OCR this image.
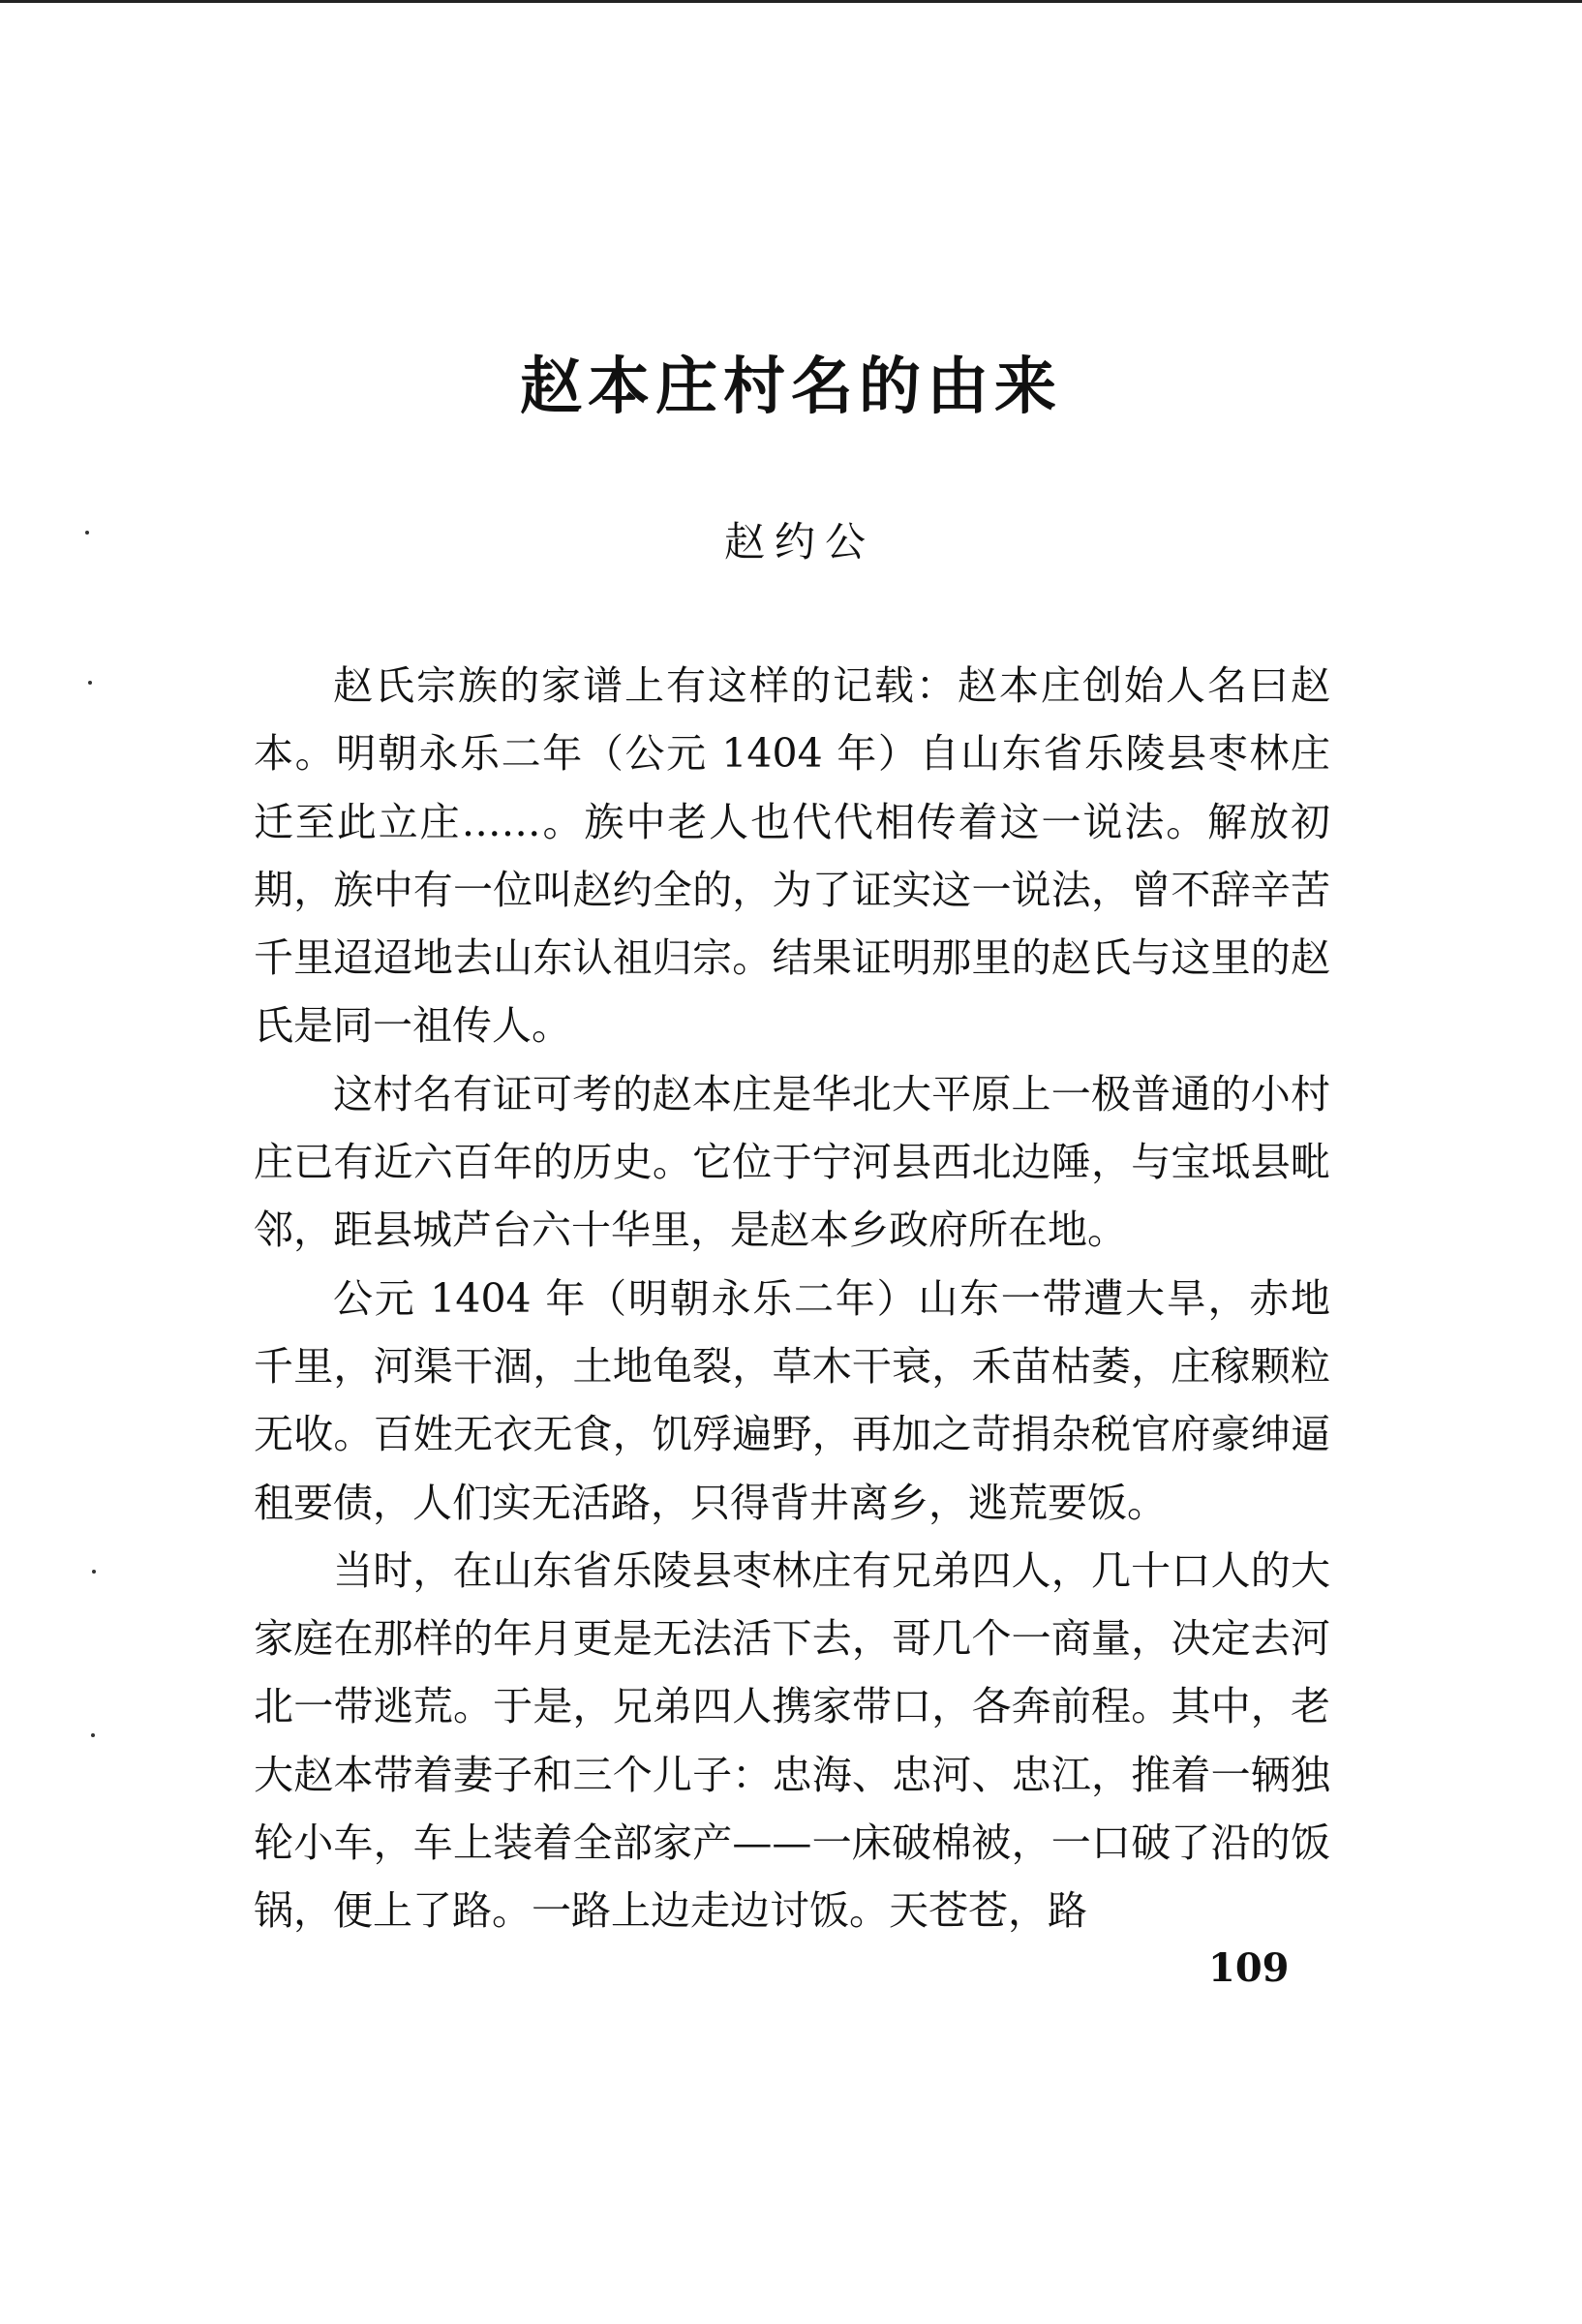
赵本庄村名的由来
赵约公

赵氏宗族的家谱上有这样的记载：赵本庄创始人名曰赵本。明朝永乐二年（公元 1404 年）自山东省乐陵县枣林庄迁至此立庄……。族中老人也代代相传着这一说法。解放初期，族中有一位叫赵约全的，为了证实这一说法，曾不辞辛苦千里迢迢地去山东认祖归宗。结果证明那里的赵氏与这里的赵氏是同一祖传人。

这村名有证可考的赵本庄是华北大平原上一极普通的小村庄已有近六百年的历史。它位于宁河县西北边陲，与宝坻县毗邻，距县城芦台六十华里，是赵本乡政府所在地。

公元 1404 年（明朝永乐二年）山东一带遭大旱，赤地千里，河渠干涸，土地龟裂，草木干衰，禾苗枯萎，庄稼颗粒无收。百姓无衣无食，饥殍遍野，再加之苛捐杂税官府豪绅逼租要债，人们实无活路，只得背井离乡，逃荒要饭。

当时，在山东省乐陵县枣林庄有兄弟四人，几十口人的大家庭在那样的年月更是无法活下去，哥几个一商量，决定去河北一带逃荒。于是，兄弟四人携家带口，各奔前程。其中，老大赵本带着妻子和三个儿子：忠海、忠河、忠江，推着一辆独轮小车，车上装着全部家产——一床破棉被，一口破了沿的饭锅，便上了路。一路上边走边讨饭。天苍苍，路

109
